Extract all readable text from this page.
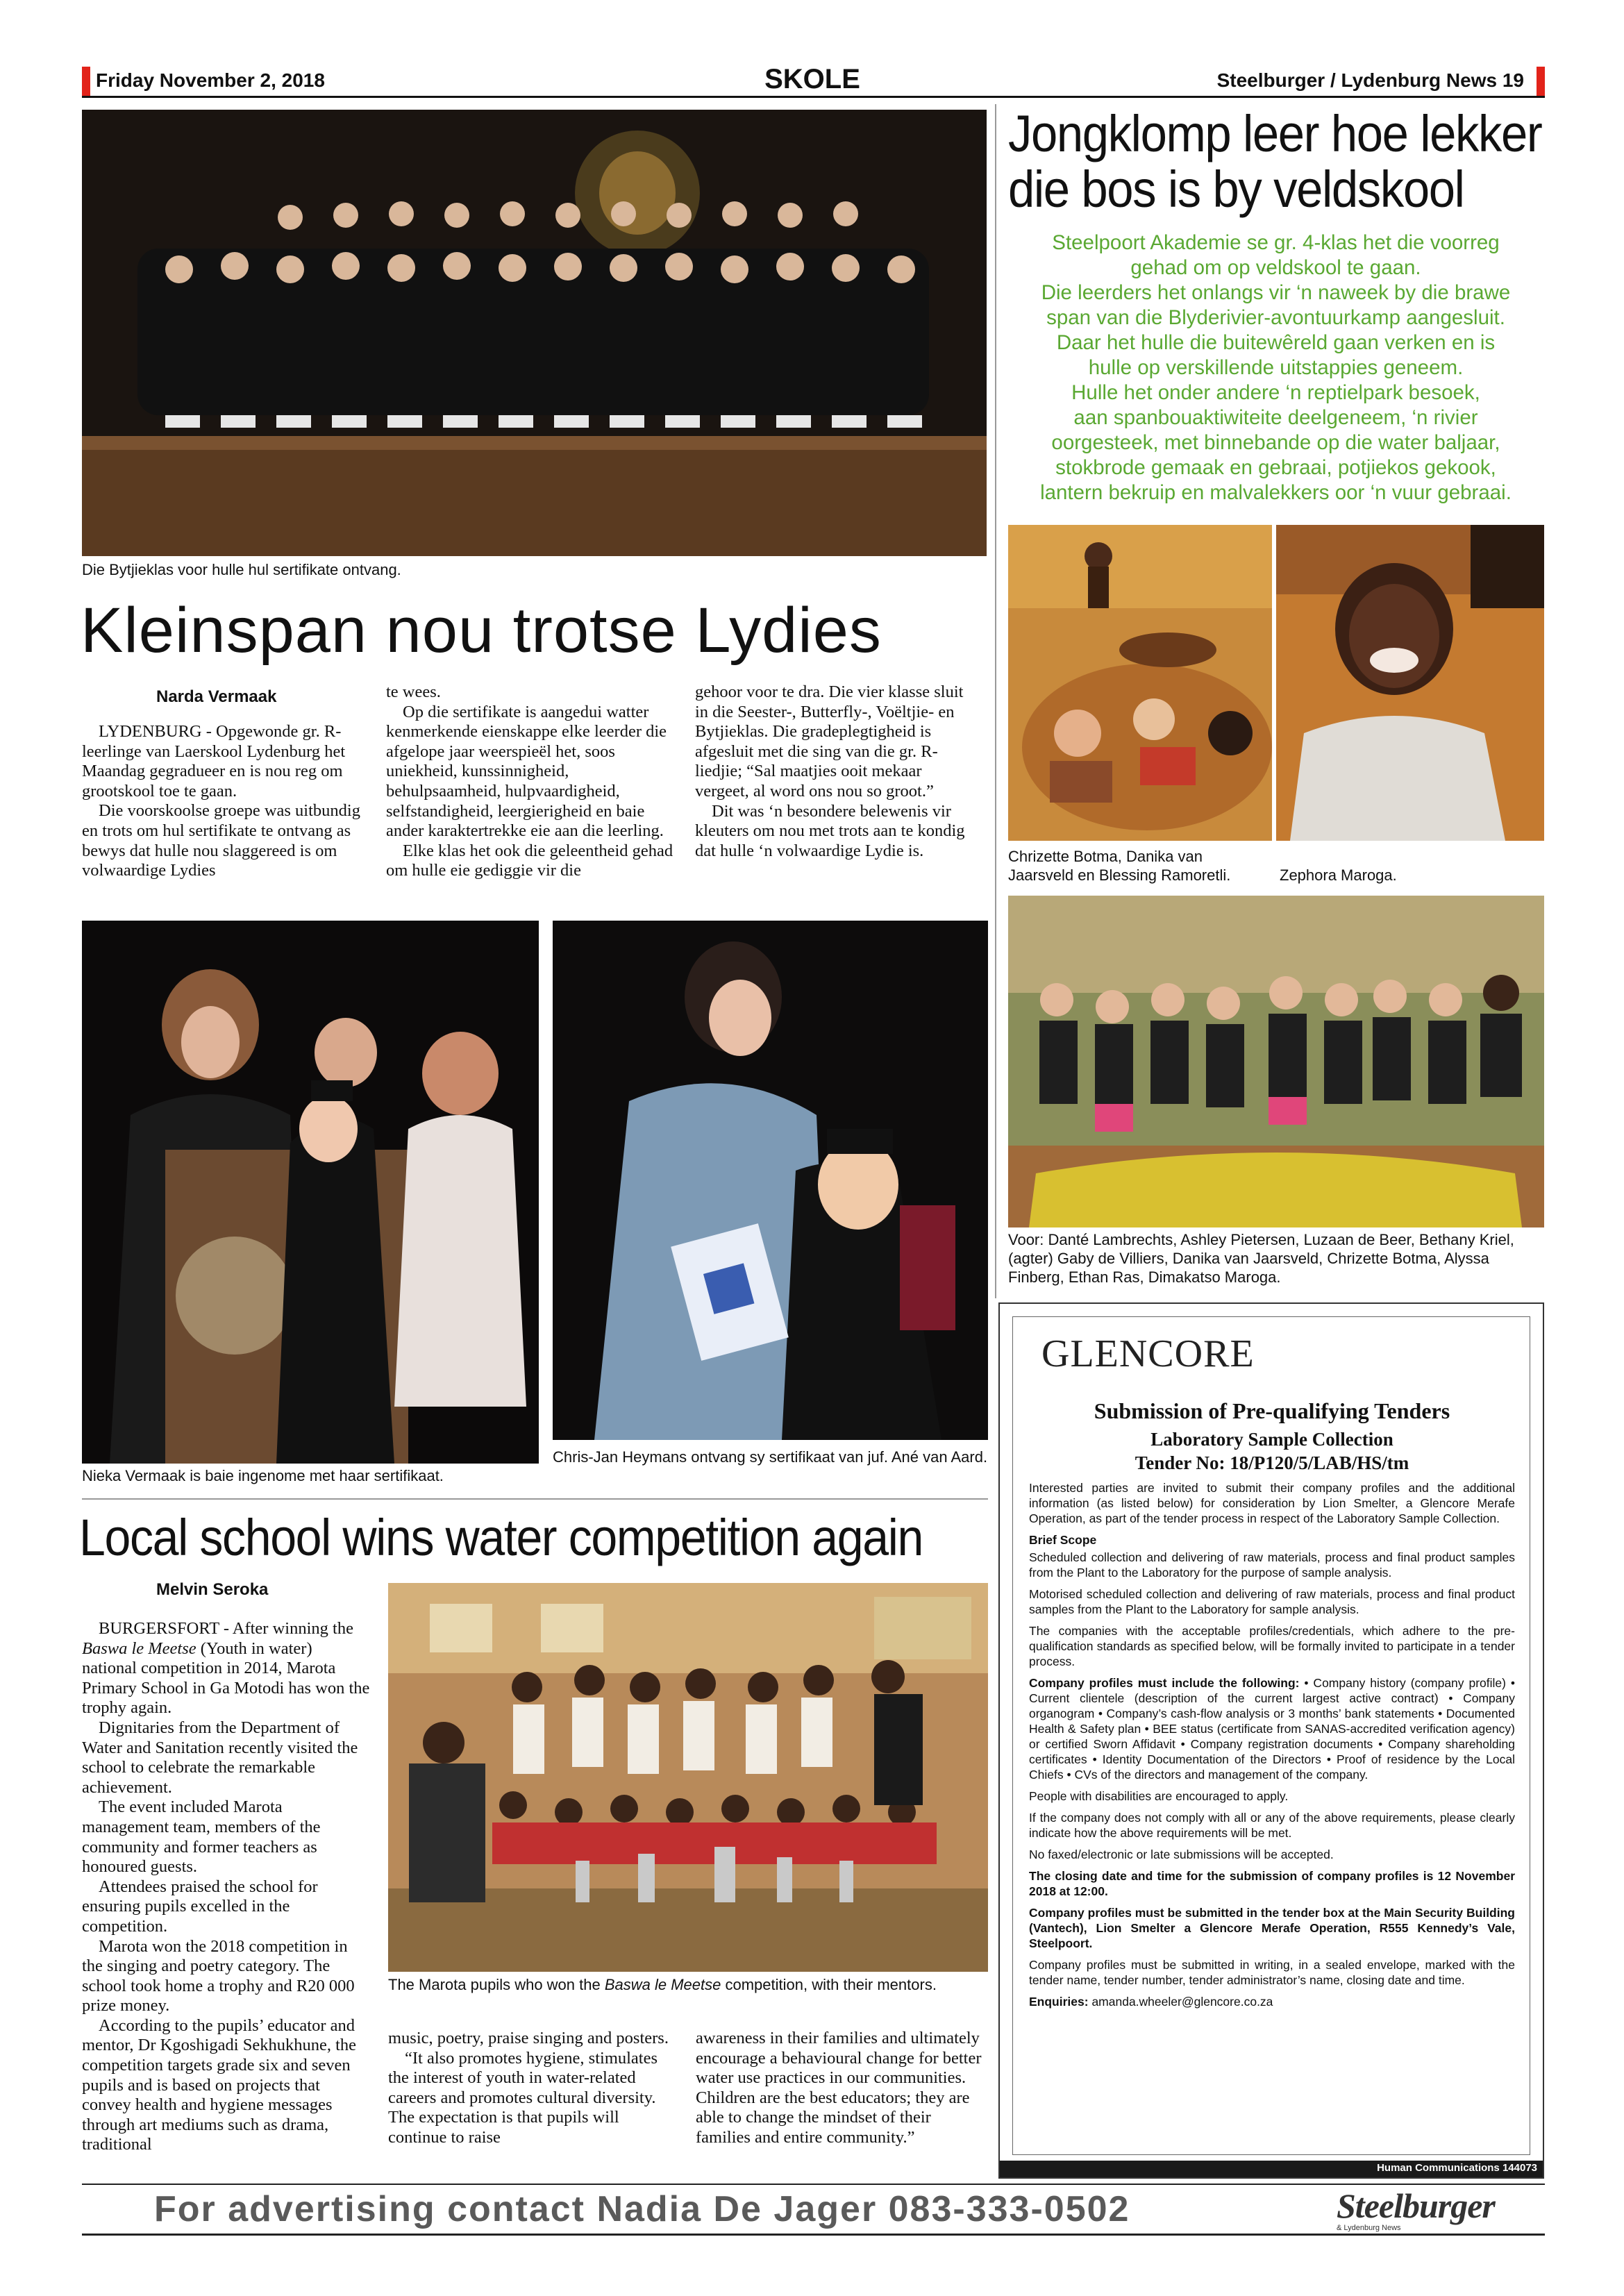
Friday November 2, 2018	SKOLE	Steelburger / Lydenburg News 19
Die Bytjieklas voor hulle hul sertifikate ontvang.
Kleinspan nou trotse Lydies
Narda Vermaak

LYDENBURG - Opgewonde gr. R-leerlinge van Laerskool Lydenburg het Maandag gegradueer en is nou reg om grootskool toe te gaan.

Die voorskoolse groepe was uitbundig en trots om hul sertifikate te ontvang as bewys dat hulle nou slaggereed is om volwaardige Lydies

te wees.

Op die sertifikate is aangedui watter kenmerkende eienskappe elke leerder die afgelope jaar weerspieël het, soos uniekheid, kunssinnigheid, behulpsaamheid, hulpvaardigheid, selfstandigheid, leergierigheid en baie ander karaktertrekke eie aan die leerling.

Elke klas het ook die geleentheid gehad om hulle eie gediggie vir die

gehoor voor te dra. Die vier klasse sluit in die Seester-, Butterfly-, Voëltjie- en Bytjieklas. Die gradeplegtigheid is afgesluit met die sing van die gr. R-liedjie; “Sal maatjies ooit mekaar vergeet, al word ons nou so groot.”

Dit was ‘n besondere belewenis vir kleuters om nou met trots aan te kondig dat hulle ‘n volwaardige Lydie is.

Nieka Vermaak is baie ingenome met haar sertifikaat.
Chris-Jan Heymans ontvang sy sertifikaat van juf. Ané van Aard.
Local school wins water competition again
Melvin Seroka

BURGERSFORT - After winning the Baswa le Meetse (Youth in water) national competition in 2014, Marota Primary School in Ga Motodi has won the trophy again.

Dignitaries from the Department of Water and Sanitation recently visited the school to celebrate the remarkable achievement.

The event included Marota management team, members of the community and former teachers as honoured guests.

Attendees praised the school for ensuring pupils excelled in the competition.

Marota won the 2018 competition in the singing and poetry category. The school took home a trophy and R20 000 prize money.

According to the pupils’ educator and mentor, Dr Kgoshigadi Sekhukhune, the competition targets grade six and seven pupils and is based on projects that convey health and hygiene messages through art mediums such as drama, traditional

The Marota pupils who won the Baswa le Meetse competition, with their mentors.

music, poetry, praise singing and posters.

“It also promotes hygiene, stimulates the interest of youth in water-related careers and promotes cultural diversity. The expectation is that pupils will continue to raise

awareness in their families and ultimately encourage a behavioural change for better water use practices in our communities. Children are the best educators; they are able to change the mindset of their families and entire community.”

Jongklomp leer hoe lekker
die bos is by veldskool
Steelpoort Akademie se gr. 4-klas het die voorreg
gehad om op veldskool te gaan.
Die leerders het onlangs vir ‘n naweek by die brawe
span van die Blyderivier-avontuurkamp aangesluit.
Daar het hulle die buitewêreld gaan verken en is
hulle op verskillende uitstappies geneem.
Hulle het onder andere ‘n reptielpark besoek,
aan spanbouaktiwiteite deelgeneem, ‘n rivier
oorgesteek, met binnebande op die water baljaar,
stokbrode gemaak en gebraai, potjiekos gekook,
lantern bekruip en malvalekkers oor ‘n vuur gebraai.
Chrizette Botma, Danika van Jaarsveld en Blessing Ramoretli.	Zephora Maroga.
Voor: Danté Lambrechts, Ashley Pietersen, Luzaan de Beer, Bethany Kriel, (agter) Gaby de Villiers, Danika van Jaarsveld, Chrizette Botma, Alyssa Finberg, Ethan Ras, Dimakatso Maroga.
GLENCORE
Submission of Pre-qualifying Tenders
Laboratory Sample Collection
Tender No: 18/P120/5/LAB/HS/tm

Interested parties are invited to submit their company profiles and the additional information (as listed below) for consideration by Lion Smelter, a Glencore Merafe Operation, as part of the tender process in respect of the Laboratory Sample Collection.

Brief Scope

Scheduled collection and delivering of raw materials, process and final product samples from the Plant to the Laboratory for the purpose of sample analysis.

Motorised scheduled collection and delivering of raw materials, process and final product samples from the Plant to the Laboratory for sample analysis.

The companies with the acceptable profiles/credentials, which adhere to the pre-qualification standards as specified below, will be formally invited to participate in a tender process.

Company profiles must include the following: • Company history (company profile) • Current clientele (description of the current largest active contract) • Company organogram • Company’s cash-flow analysis or 3 months’ bank statements • Documented Health & Safety plan • BEE status (certificate from SANAS-accredited verification agency) or certified Sworn Affidavit • Company registration documents • Company shareholding certificates • Identity Documentation of the Directors • Proof of residence by the Local Chiefs • CVs of the directors and management of the company.

People with disabilities are encouraged to apply.

If the company does not comply with all or any of the above requirements, please clearly indicate how the above requirements will be met.

No faxed/electronic or late submissions will be accepted.

The closing date and time for the submission of company profiles is 12 November 2018 at 12:00.

Company profiles must be submitted in the tender box at the Main Security Building (Vantech), Lion Smelter a Glencore Merafe Operation, R555 Kennedy’s Vale, Steelpoort.

Company profiles must be submitted in writing, in a sealed envelope, marked with the tender name, tender number, tender administrator’s name, closing date and time.

Enquiries: amanda.wheeler@glencore.co.za

Human Communications 144073
For advertising contact Nadia De Jager 083-333-0502	Steelburger
& Lydenburg News
